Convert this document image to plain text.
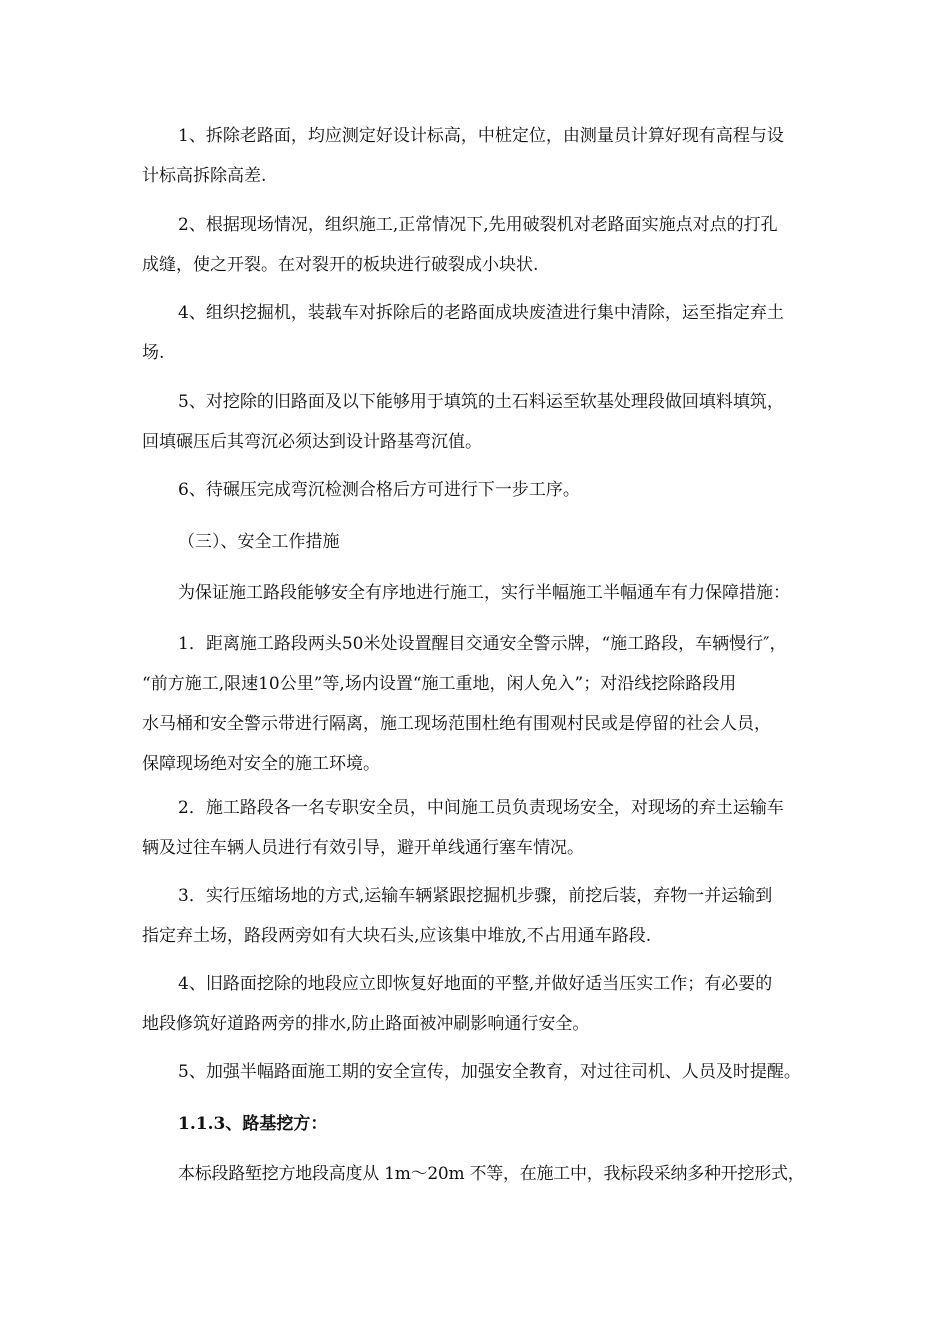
1、拆除老路面，均应测定好设计标高，中桩定位，由测量员计算好现有高程与设
计标高拆除高差.
2、根据现场情况，组织施工,正常情况下,先用破裂机对老路面实施点对点的打孔
成缝，使之开裂。在对裂开的板块进行破裂成小块状.
4、组织挖掘机，装载车对拆除后的老路面成块废渣进行集中清除，运至指定弃土
场.
5、对挖除的旧路面及以下能够用于填筑的土石料运至软基处理段做回填料填筑，
回填碾压后其弯沉必须达到设计路基弯沉值。
6、待碾压完成弯沉检测合格后方可进行下一步工序。
（三）、安全工作措施
为保证施工路段能够安全有序地进行施工，实行半幅施工半幅通车有力保障措施：
1．距离施工路段两头50米处设置醒目交通安全警示牌，“施工路段，车辆慢行″，
“前方施工,限速10公里”等,场内设置“施工重地，闲人免入”；对沿线挖除路段用
水马桶和安全警示带进行隔离，施工现场范围杜绝有围观村民或是停留的社会人员，
保障现场绝对安全的施工环境。
2．施工路段各一名专职安全员，中间施工员负责现场安全，对现场的弃土运输车
辆及过往车辆人员进行有效引导，避开单线通行塞车情况。
3．实行压缩场地的方式,运输车辆紧跟挖掘机步骤，前挖后装，弃物一并运输到
指定弃土场，路段两旁如有大块石头,应该集中堆放,不占用通车路段.
4、旧路面挖除的地段应立即恢复好地面的平整,并做好适当压实工作；有必要的
地段修筑好道路两旁的排水,防止路面被冲刷影响通行安全。
5、加强半幅路面施工期的安全宣传，加强安全教育，对过往司机、人员及时提醒。
1.1.3、路基挖方：
本标段路堑挖方地段高度从 1m～20m 不等，在施工中，我标段采纳多种开挖形式，
